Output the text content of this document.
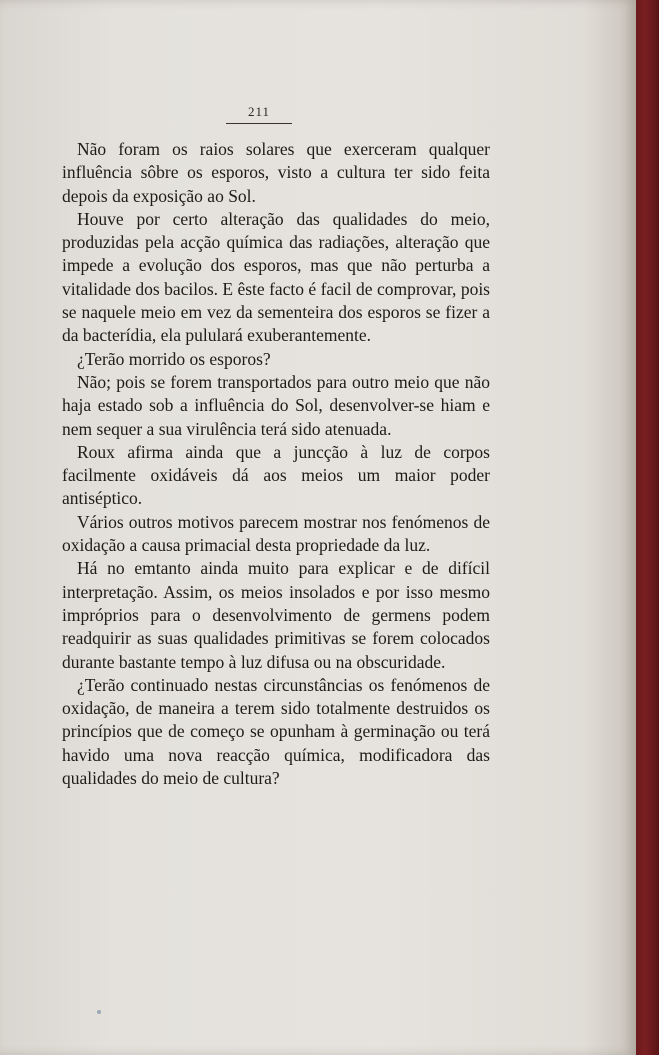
211

Não foram os raios solares que exerceram qualquer influência sôbre os esporos, visto a cultura ter sido feita depois da exposição ao Sol.

Houve por certo alteração das qualidades do meio, produzidas pela acção química das radiações, alteração que impede a evolução dos esporos, mas que não perturba a vitalidade dos bacilos. E êste facto é facil de comprovar, pois se naquele meio em vez da sementeira dos esporos se fizer a da bacterídia, ela pululará exuberantemente.

¿Terão morrido os esporos?

Não; pois se forem transportados para outro meio que não haja estado sob a influência do Sol, desenvolver-se hiam e nem sequer a sua virulência terá sido atenuada.

Roux afirma ainda que a juncção à luz de corpos facilmente oxidáveis dá aos meios um maior poder antiséptico.

Vários outros motivos parecem mostrar nos fenómenos de oxidação a causa primacial desta propriedade da luz.

Há no emtanto ainda muito para explicar e de difícil interpretação. Assim, os meios insolados e por isso mesmo impróprios para o desenvolvimento de germens podem readquirir as suas qualidades primitivas se forem colocados durante bastante tempo à luz difusa ou na obscuridade.

¿Terão continuado nestas circunstâncias os fenómenos de oxidação, de maneira a terem sido totalmente destruidos os princípios que de começo se opunham à germinação ou terá havido uma nova reacção química, modificadora das qualidades do meio de cultura?
